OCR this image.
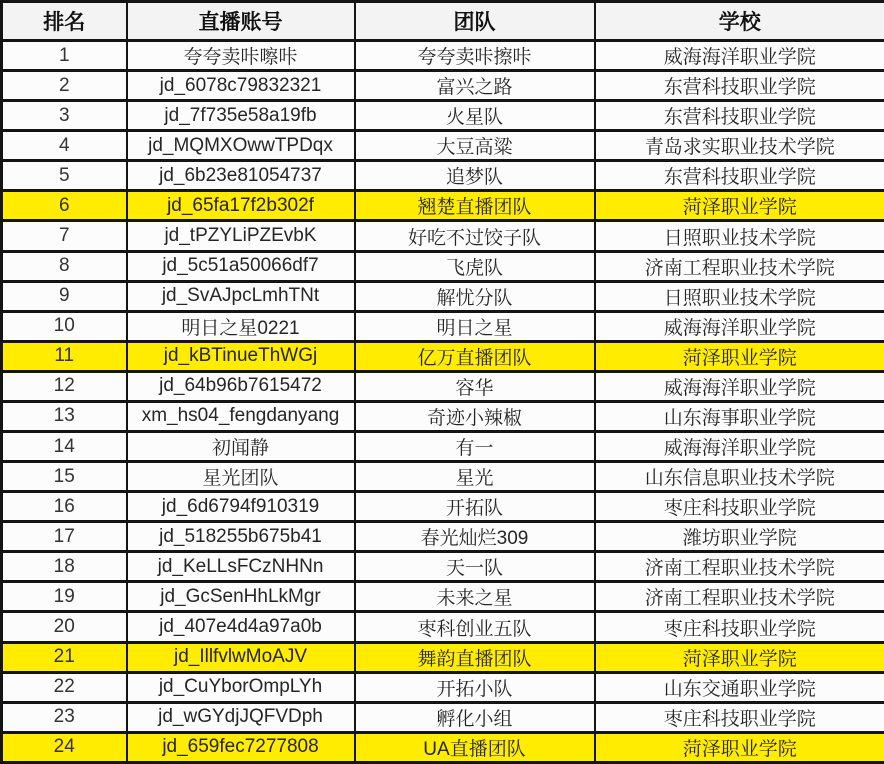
排名	直播账号	团队	学校
1	夸夸卖咔嚓咔	夸夸卖咔擦咔	威海海洋职业学院
2	jd_6078c79832321	富兴之路	东营科技职业学院
3	jd_7f735e58a19fb	火星队	东营科技职业学院
4	jd_MQMXOwwTPDqx	大豆高粱	青岛求实职业技术学院
5	jd_6b23e81054737	追梦队	东营科技职业学院
6	jd_65fa17f2b302f	翘楚直播团队	菏泽职业学院
7	jd_tPZYLiPZEvbK	好吃不过饺子队	日照职业技术学院
8	jd_5c51a50066df7	飞虎队	济南工程职业技术学院
9	jd_SvAJpcLmhTNt	解忧分队	日照职业技术学院
10	明日之星0221	明日之星	威海海洋职业学院
11	jd_kBTinueThWGj	亿万直播团队	菏泽职业学院
12	jd_64b96b7615472	容华	威海海洋职业学院
13	xm_hs04_fengdanyang	奇迹小辣椒	山东海事职业学院
14	初闻静	有一	威海海洋职业学院
15	星光团队	星光	山东信息职业技术学院
16	jd_6d6794f910319	开拓队	枣庄科技职业学院
17	jd_518255b675b41	春光灿烂309	潍坊职业学院
18	jd_KeLLsFCzNHNn	天一队	济南工程职业技术学院
19	jd_GcSenHhLkMgr	未来之星	济南工程职业技术学院
20	jd_407e4d4a97a0b	枣科创业五队	枣庄科技职业学院
21	jd_IllfvlwMoAJV	舞韵直播团队	菏泽职业学院
22	jd_CuYborOmpLYh	开拓小队	山东交通职业学院
23	jd_wGYdjJQFVDph	孵化小组	枣庄科技职业学院
24	jd_659fec7277808	UA直播团队	菏泽职业学院
